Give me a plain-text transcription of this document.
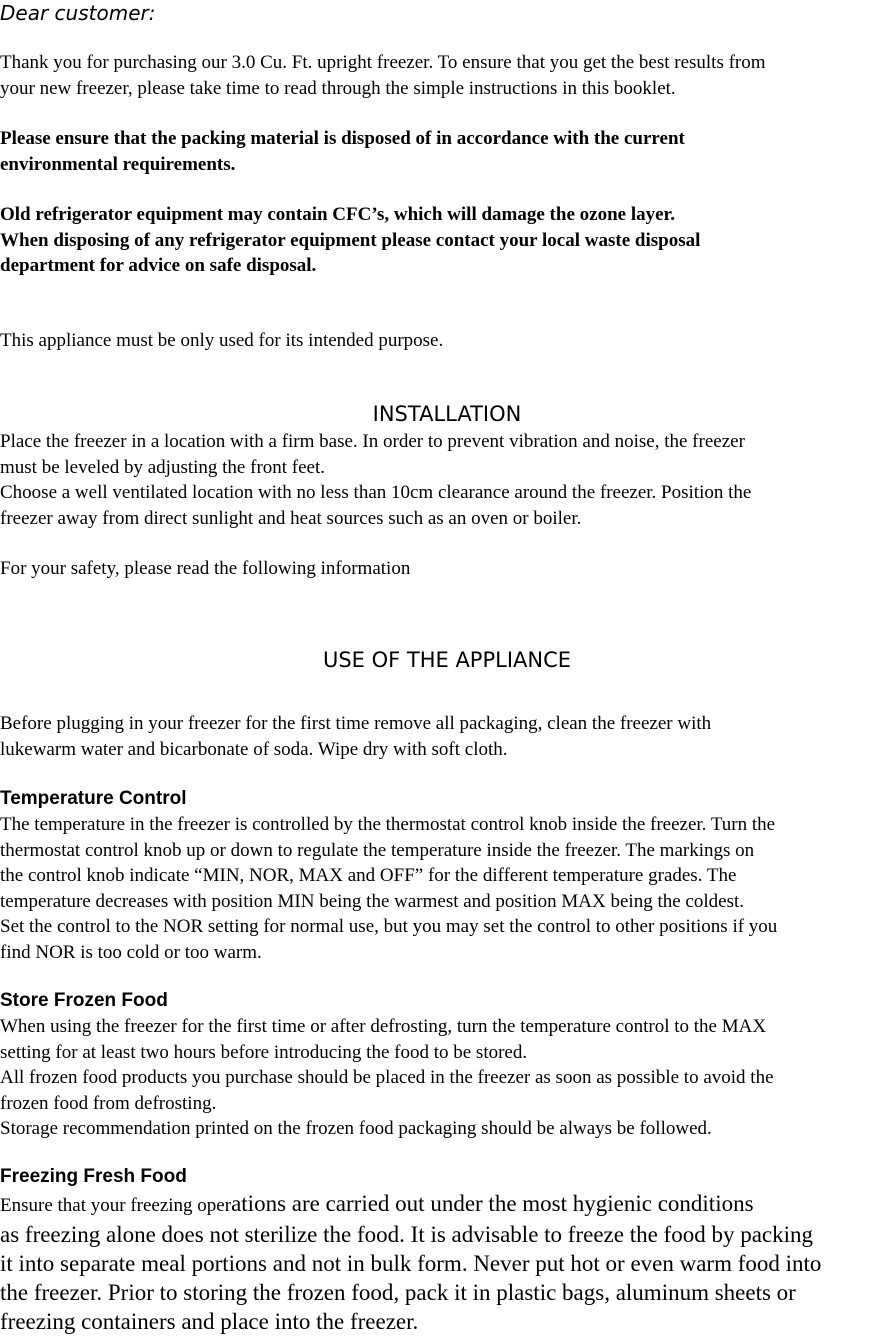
Dear customer:
Thank you for purchasing our 3.0 Cu. Ft. upright freezer. To ensure that you get the best results from
your new freezer, please take time to read through the simple instructions in this booklet.
Please ensure that the packing material is disposed of in accordance with the current
environmental requirements.
Old refrigerator equipment may contain CFC’s, which will damage the ozone layer.
When disposing of any refrigerator equipment please contact your local waste disposal
department for advice on safe disposal.
This appliance must be only used for its intended purpose.
INSTALLATION
Place the freezer in a location with a firm base. In order to prevent vibration and noise, the freezer
must be leveled by adjusting the front feet.
Choose a well ventilated location with no less than 10cm clearance around the freezer. Position the
freezer away from direct sunlight and heat sources such as an oven or boiler.
For your safety, please read the following information
USE OF THE APPLIANCE
Before plugging in your freezer for the first time remove all packaging, clean the freezer with
lukewarm water and bicarbonate of soda. Wipe dry with soft cloth.
Temperature Control
The temperature in the freezer is controlled by the thermostat control knob inside the freezer. Turn the
thermostat control knob up or down to regulate the temperature inside the freezer. The markings on
the control knob indicate “MIN, NOR, MAX and OFF” for the different temperature grades. The
temperature decreases with position MIN being the warmest and position MAX being the coldest.
Set the control to the NOR setting for normal use, but you may set the control to other positions if you
find NOR is too cold or too warm.
Store Frozen Food
When using the freezer for the first time or after defrosting, turn the temperature control to the MAX
setting for at least two hours before introducing the food to be stored.
All frozen food products you purchase should be placed in the freezer as soon as possible to avoid the
frozen food from defrosting.
Storage recommendation printed on the frozen food packaging should be always be followed.
Freezing Fresh Food
Ensure that your freezing operations are carried out under the most hygienic conditions
as freezing alone does not sterilize the food. It is advisable to freeze the food by packing
it into separate meal portions and not in bulk form. Never put hot or even warm food into
the freezer. Prior to storing the frozen food, pack it in plastic bags, aluminum sheets or
freezing containers and place into the freezer.
